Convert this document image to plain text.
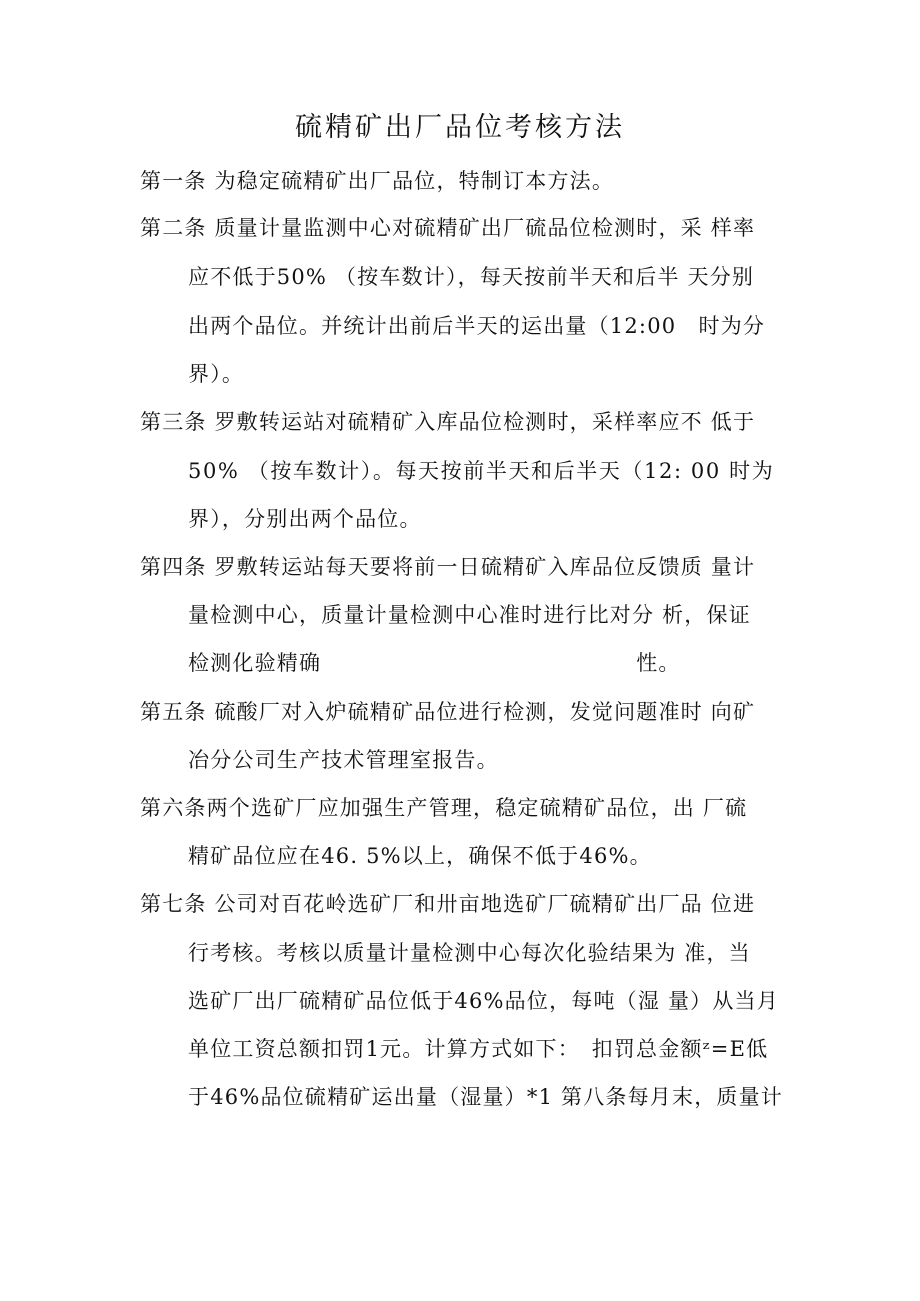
硫精矿出厂品位考核方法
第一条 为稳定硫精矿出厂品位，特制订本方法。
第二条 质量计量监测中心对硫精矿出厂硫品位检测时，采 样率
应不低于50% （按车数计），每天按前半天和后半 天分别
出两个品位。并统计出前后半天的运出量（12:00　时为分
界）。
第三条 罗敷转运站对硫精矿入库品位检测时，采样率应不 低于
50% （按车数计）。每天按前半天和后半天（12: 00 时为
界），分别出两个品位。
第四条 罗敷转运站每天要将前一日硫精矿入库品位反馈质 量计
量检测中心，质量计量检测中心准时进行比对分 析，保证
检测化验精确                                        性。
第五条 硫酸厂对入炉硫精矿品位进行检测，发觉问题准时 向矿
冶分公司生产技术管理室报告。
第六条两个选矿厂应加强生产管理，稳定硫精矿品位，出 厂硫
精矿品位应在46. 5%以上，确保不低于46%。
第七条 公司对百花岭选矿厂和卅亩地选矿厂硫精矿出厂品 位进
行考核。考核以质量计量检测中心每次化验结果为 准，当
选矿厂出厂硫精矿品位低于46%品位，每吨（湿 量）从当月
单位工资总额扣罚1元。计算方式如下：　扣罚总金额ᶻ=E低
于46%品位硫精矿运出量（湿量）*1 第八条每月末，质量计
